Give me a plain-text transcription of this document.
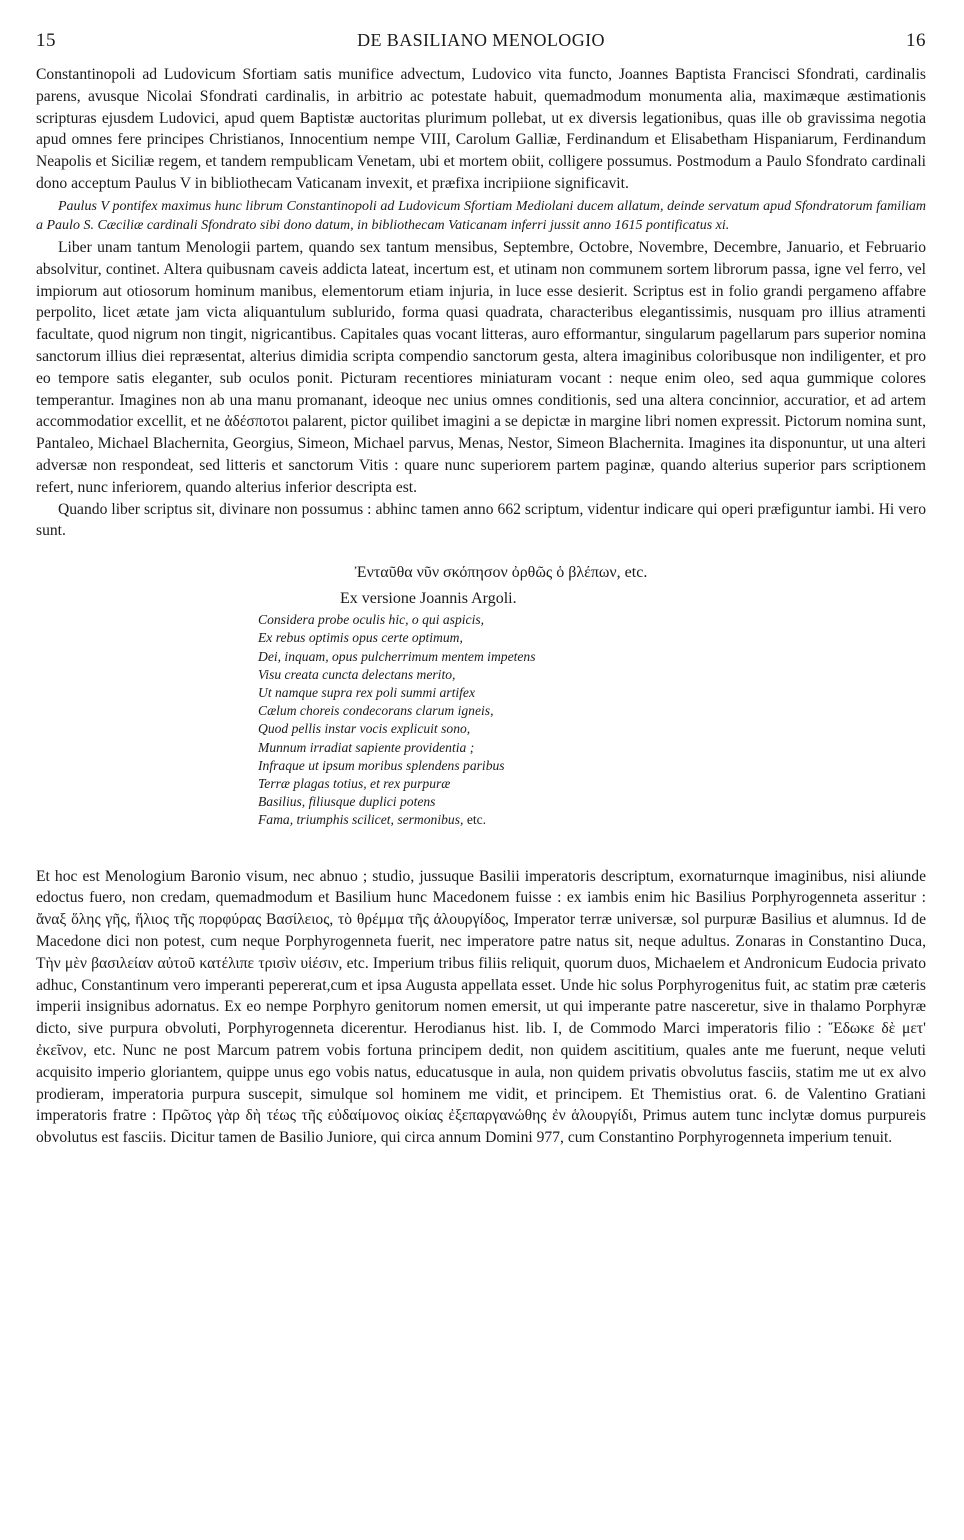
15	DE BASILIANO MENOLOGIO	16

Constantinopoli ad Ludovicum Sfortiam satis munifice advectum, Ludovico vita functo, Joannes Baptista Francisci Sfondrati, cardinalis parens, avusque Nicolai Sfondrati cardinalis, in arbitrio ac potestate habuit, quemadmodum monumenta alia, maximæque æstimationis scripturas ejusdem Ludovici, apud quem Baptistæ auctoritas plurimum pollebat, ut ex diversis legationibus, quas ille ob gravissima negotia apud omnes fere principes Christianos, Innocentium nempe VIII, Carolum Galliæ, Ferdinandum et Elisabetham Hispaniarum, Ferdinandum Neapolis et Siciliæ regem, et tandem rempublicam Venetam, ubi et mortem obiit, colligere possumus. Postmodum a Paulo Sfondrato cardinali dono acceptum Paulus V in bibliothecam Vaticanam invexit, et præfixa incripiione significavit.

Paulus V pontifex maximus hunc librum Constantinopoli ad Ludovicum Sfortiam Mediolani ducem allatum, deinde servatum apud Sfondratorum familiam a Paulo S. Cæciliæ cardinali Sfondrato sibi dono datum, in bibliothecam Vaticanam inferri jussit anno 1615 pontificatus xi.

Liber unam tantum Menologii partem, quando sex tantum mensibus, Septembre, Octobre, Novembre, Decembre, Januario, et Februario absolvitur, continet. Altera quibusnam caveis addicta lateat, incertum est, et utinam non communem sortem librorum passa, igne vel ferro, vel impiorum aut otiosorum hominum manibus, elementorum etiam injuria, in luce esse desierit. Scriptus est in folio grandi pergameno affabre perpolito, licet ætate jam victa aliquantulum sublurido, forma quasi quadrata, characteribus elegantissimis, nusquam pro illius atramenti facultate, quod nigrum non tingit, nigricantibus. Capitales quas vocant litteras, auro efformantur, singularum pagellarum pars superior nomina sanctorum illius diei repræsentat, alterius dimidia scripta compendio sanctorum gesta, altera imaginibus coloribusque non indiligenter, et pro eo tempore satis eleganter, sub oculos ponit. Picturam recentiores miniaturam vocant : neque enim oleo, sed aqua gummique colores temperantur. Imagines non ab una manu promanant, ideoque nec unius omnes conditionis, sed una altera concinnior, accuratior, et ad artem accommodatior excellit, et ne ἀδέσποτοι palarent, pictor quilibet imagini a se depictæ in margine libri nomen expressit. Pictorum nomina sunt, Pantaleo, Michael Blachernita, Georgius, Simeon, Michael parvus, Menas, Nestor, Simeon Blachernita. Imagines ita disponuntur, ut una alteri adversæ non respondeat, sed litteris et sanctorum Vitis : quare nunc superiorem partem paginæ, quando alterius superior pars scriptionem refert, nunc inferiorem, quando alterius inferior descripta est.

Quando liber scriptus sit, divinare non possumus : abhinc tamen anno 662 scriptum, videntur indicare qui operi præfiguntur iambi. Hi vero sunt.

Ἐνταῦθα νῦν σκόπησον ὀρθῶς ὁ βλέπων, etc.

Ex versione Joannis Argoli.

Considera probe oculis hic, o qui aspicis,
Ex rebus optimis opus certe optimum,
Dei, inquam, opus pulcherrimum mentem impetens
Visu creata cuncta delectans merito,
Ut namque supra rex poli summi artifex
Cælum choreis condecorans clarum igneis,
Quod pellis instar vocis explicuit sono,
Munnum irradiat sapiente providentia ;
Infraque ut ipsum moribus splendens paribus
Terræ plagas totius, et rex purpuræ
Basilius, filiusque duplici potens
Fama, triumphis scilicet, sermonibus, etc.

Et hoc est Menologium Baronio visum, nec abnuo ; studio, jussuque Basilii imperatoris descriptum, exornaturnque imaginibus, nisi aliunde edoctus fuero, non credam, quemadmodum et Basilium hunc Macedonem fuisse : ex iambis enim hic Basilius Porphyrogenneta asseritur : ἄναξ ὅλης γῆς, ἥλιος τῆς πορφύρας Βασίλειος, τὸ θρέμμα τῆς ἁλουργίδος, Imperator terræ universæ, sol purpuræ Basilius et alumnus. Id de Macedone dici non potest, cum neque Porphyrogenneta fuerit, nec imperatore patre natus sit, neque adultus. Zonaras in Constantino Duca, Τὴν μὲν βασιλείαν αὐτοῦ κατέλιπε τρισὶν υἱέσιν, etc. Imperium tribus filiis reliquit, quorum duos, Michaelem et Andronicum Eudocia privato adhuc, Constantinum vero imperanti pepererat,cum et ipsa Augusta appellata esset. Unde hic solus Porphyrogenitus fuit, ac statim præ cæteris imperii insignibus adornatus. Ex eo nempe Porphyro genitorum nomen emersit, ut qui imperante patre nasceretur, sive in thalamo Porphyræ dicto, sive purpura obvoluti, Porphyrogenneta dicerentur. Herodianus hist. lib. I, de Commodo Marci imperatoris filio : Ἔδωκε δὲ μετ' ἐκεῖνον, etc. Nunc ne post Marcum patrem vobis fortuna principem dedit, non quidem ascititium, quales ante me fuerunt, neque veluti acquisito imperio gloriantem, quippe unus ego vobis natus, educatusque in aula, non quidem privatis obvolutus fasciis, statim me ut ex alvo prodieram, imperatoria purpura suscepit, simulque sol hominem me vidit, et principem. Et Themistius orat. 6. de Valentino Gratiani imperatoris fratre : Πρῶτος γὰρ δὴ τέως τῆς εὐδαίμονος οἰκίας ἐξεπαργανώθης ἐν ἁλουργίδι, Primus autem tunc inclytæ domus purpureis obvolutus est fasciis. Dicitur tamen de Basilio Juniore, qui circa annum Domini 977, cum Constantino Porphyrogenneta imperium tenuit.
